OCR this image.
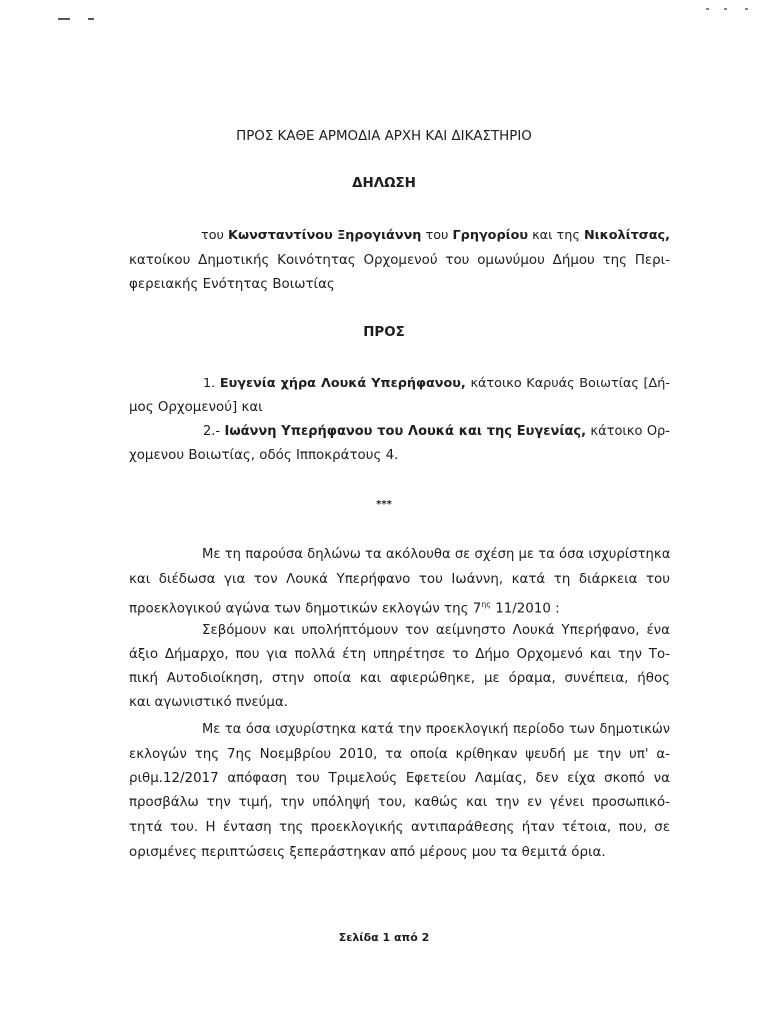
ΠΡΟΣ ΚΑΘΕ ΑΡΜΟΔΙΑ ΑΡΧΗ ΚΑΙ ΔΙΚΑΣΤΗΡΙΟ
ΔΗΛΩΣΗ
του Κωνσταντίνου Ξηρογιάννη του Γρηγορίου και της Νικολίτσας,
κατοίκου Δημοτικής Κοινότητας Ορχομενού του ομωνύμου Δήμου της Περι-
φερειακής Ενότητας Βοιωτίας
ΠΡΟΣ
1. Ευγενία χήρα Λουκά Υπερήφανου, κάτοικο Καρυάς Βοιωτίας [Δή-
μος Ορχομενού] και
2.- Ιωάννη Υπερήφανου του Λουκά και της Ευγενίας, κάτοικο Ορ-
χομενου Βοιωτίας, οδός Ιπποκράτους 4.
***
Με τη παρούσα δηλώνω τα ακόλουθα σε σχέση με τα όσα ισχυρίστηκα
και διέδωσα για τον Λουκά Υπερήφανο του Ιωάννη, κατά τη διάρκεια του
προεκλογικού αγώνα των δημοτικών εκλογών της $7^{\eta\varsigma}$ 11/2010 :
Σεβόμουν και υπολήπτόμουν τον αείμνηστο Λουκά Υπερήφανο, ένα
άξιο Δήμαρχο, που για πολλά έτη υπηρέτησε το Δήμο Ορχομενό και την Το-
πική Αυτοδιοίκηση, στην οποία και αφιερώθηκε, με όραμα, συνέπεια, ήθος
και αγωνιστικό πνεύμα.
Με τα όσα ισχυρίστηκα κατά την προεκλογική περίοδο των δημοτικών
εκλογών της 7ης Νοεμβρίου 2010, τα οποία κρίθηκαν ψευδή με την υπ' α-
ριθμ.12/2017 απόφαση του Τριμελούς Εφετείου Λαμίας, δεν είχα σκοπό να
προσβάλω την τιμή, την υπόληψή του, καθώς και την εν γένει προσωπικό-
τητά του. Η ένταση της προεκλογικής αντιπαράθεσης ήταν τέτοια, που, σε
ορισμένες περιπτώσεις ξεπεράστηκαν από μέρους μου τα θεμιτά όρια.
Σελίδα 1 από 2
